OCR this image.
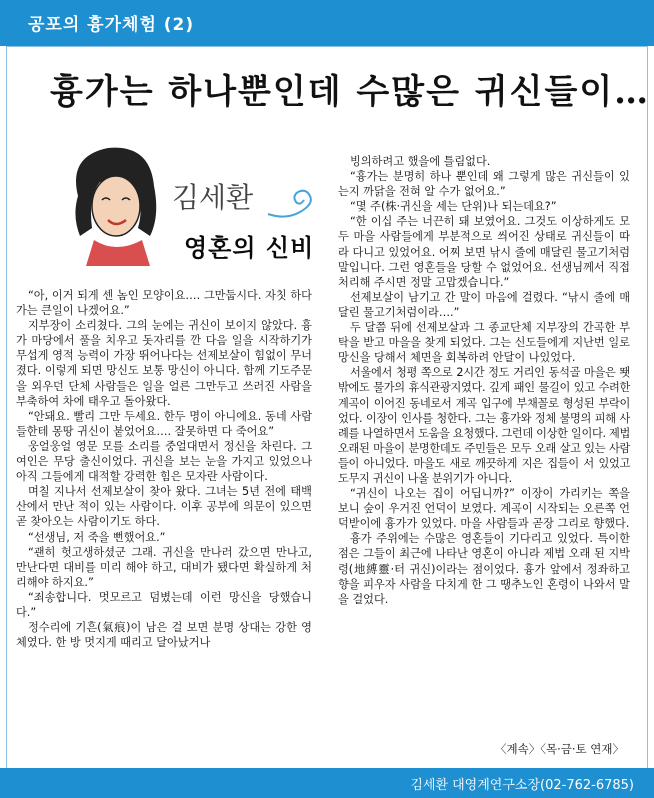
공포의 흉가체험 (2)
흉가는 하나뿐인데 수많은 귀신들이…
김세환
영혼의 신비

“아, 이거 되게 센 놈인 모양이요…. 그만둡시다. 자칫 하다가는 큰일이 나겠어요.”

지부장이 소리쳤다. 그의 눈에는 귀신이 보이지 않았다. 흉가 마당에서 풀을 치우고 돗자리를 깐 다음 일을 시작하기가 무섭게 영적 능력이 가장 뛰어나다는 선제보살이 힘없이 무너졌다. 이렇게 되면 망신도 보통 망신이 아니다. 함께 기도주문을 외우던 단체 사람들은 일을 얼른 그만두고 쓰러진 사람을 부축하여 차에 태우고 돌아왔다.

“안돼요. 빨리 그만 두세요. 한두 명이 아니에요. 동네 사람들한테 몽땅 귀신이 붙었어요…. 잘못하면 다 죽어요”

웅얼웅얼 영문 모를 소리를 중얼대면서 정신을 차린다. 그 여인은 무당 출신이었다. 귀신을 보는 눈을 가지고 있었으나 아직 그들에게 대적할 강력한 힘은 모자란 사람이다.

며칠 지나서 선제보살이 찾아 왔다. 그녀는 5년 전에 태백산에서 만난 적이 있는 사람이다. 이후 공부에 의문이 있으면 곧 찾아오는 사람이기도 하다.

“선생님, 저 죽을 뻔했어요.”

“괜히 헛고생하셨군 그래. 귀신을 만나러 갔으면 만나고, 만난다면 대비를 미리 해야 하고, 대비가 됐다면 확실하게 처리해야 하지요.”

“죄송합니다. 멋모르고 덤볐는데 이런 망신을 당했습니다.”

정수리에 기흔(氣痕)이 남은 걸 보면 분명 상대는 강한 영체였다. 한 방 멋지게 때리고 달아났거나

빙의하려고 했을에 틀림없다.

“흉가는 분명히 하나 뿐인데 왜 그렇게 많은 귀신들이 있는지 까닭을 전혀 알 수가 없어요.”

“몇 주(株·귀신을 세는 단위)나 되는데요?”

“한 이십 주는 너끈히 돼 보였어요. 그것도 이상하게도 모두 마을 사람들에게 부분적으로 씌어진 상태로 귀신들이 따라 다니고 있었어요. 어찌 보면 낚시 줄에 매달린 물고기처럼 말입니다. 그런 영혼들을 당할 수 없었어요. 선생님께서 직접 처리해 주시면 정말 고맙겠습니다.”

선제보살이 남기고 간 말이 마음에 걸렸다. “낚시 줄에 매달린 물고기처럼이라….”

두 달쯤 뒤에 선제보살과 그 종교단체 지부장의 간곡한 부탁을 받고 마을을 찾게 되었다. 그는 신도들에게 지난번 일로 망신을 당해서 체면을 회복하려 안달이 나있었다.

서울에서 청평 쪽으로 2시간 정도 거리인 동석골 마을은 뙛밖에도 물가의 휴식관광지였다. 깊게 패인 물길이 있고 수려한 계곡이 이어진 동네로서 계곡 입구에 부채꼴로 형성된 부락이었다. 이장이 인사를 청한다. 그는 흉가와 정체 불명의 피해 사례를 나열하면서 도움을 요청했다. 그런데 이상한 일이다. 제법 오래된 마을이 분명한데도 주민들은 모두 오래 살고 있는 사람들이 아니었다. 마을도 새로 깨끗하게 지은 집들이 서 있었고 도무지 귀신이 나올 분위기가 아니다.

“귀신이 나오는 집이 어딥니까?” 이장이 가리키는 쪽을 보니 숲이 우거진 언덕이 보였다. 계곡이 시작되는 오른쪽 언덕받이에 흉가가 있었다. 마을 사람들과 곧장 그리로 향했다.

흉가 주위에는 수많은 영혼들이 기다리고 있었다. 특이한 점은 그들이 최근에 나타난 영혼이 아니라 제법 오래 된 지박령(地縛靈·터 귀신)이라는 점이었다. 흉가 앞에서 정좌하고 향을 피우자 사람을 다치게 한 그 땡추노인 혼령이 나와서 말을 걸었다.

〈계속〉〈목·금·토 연재〉
김세환 대영계연구소장(02-762-6785)
